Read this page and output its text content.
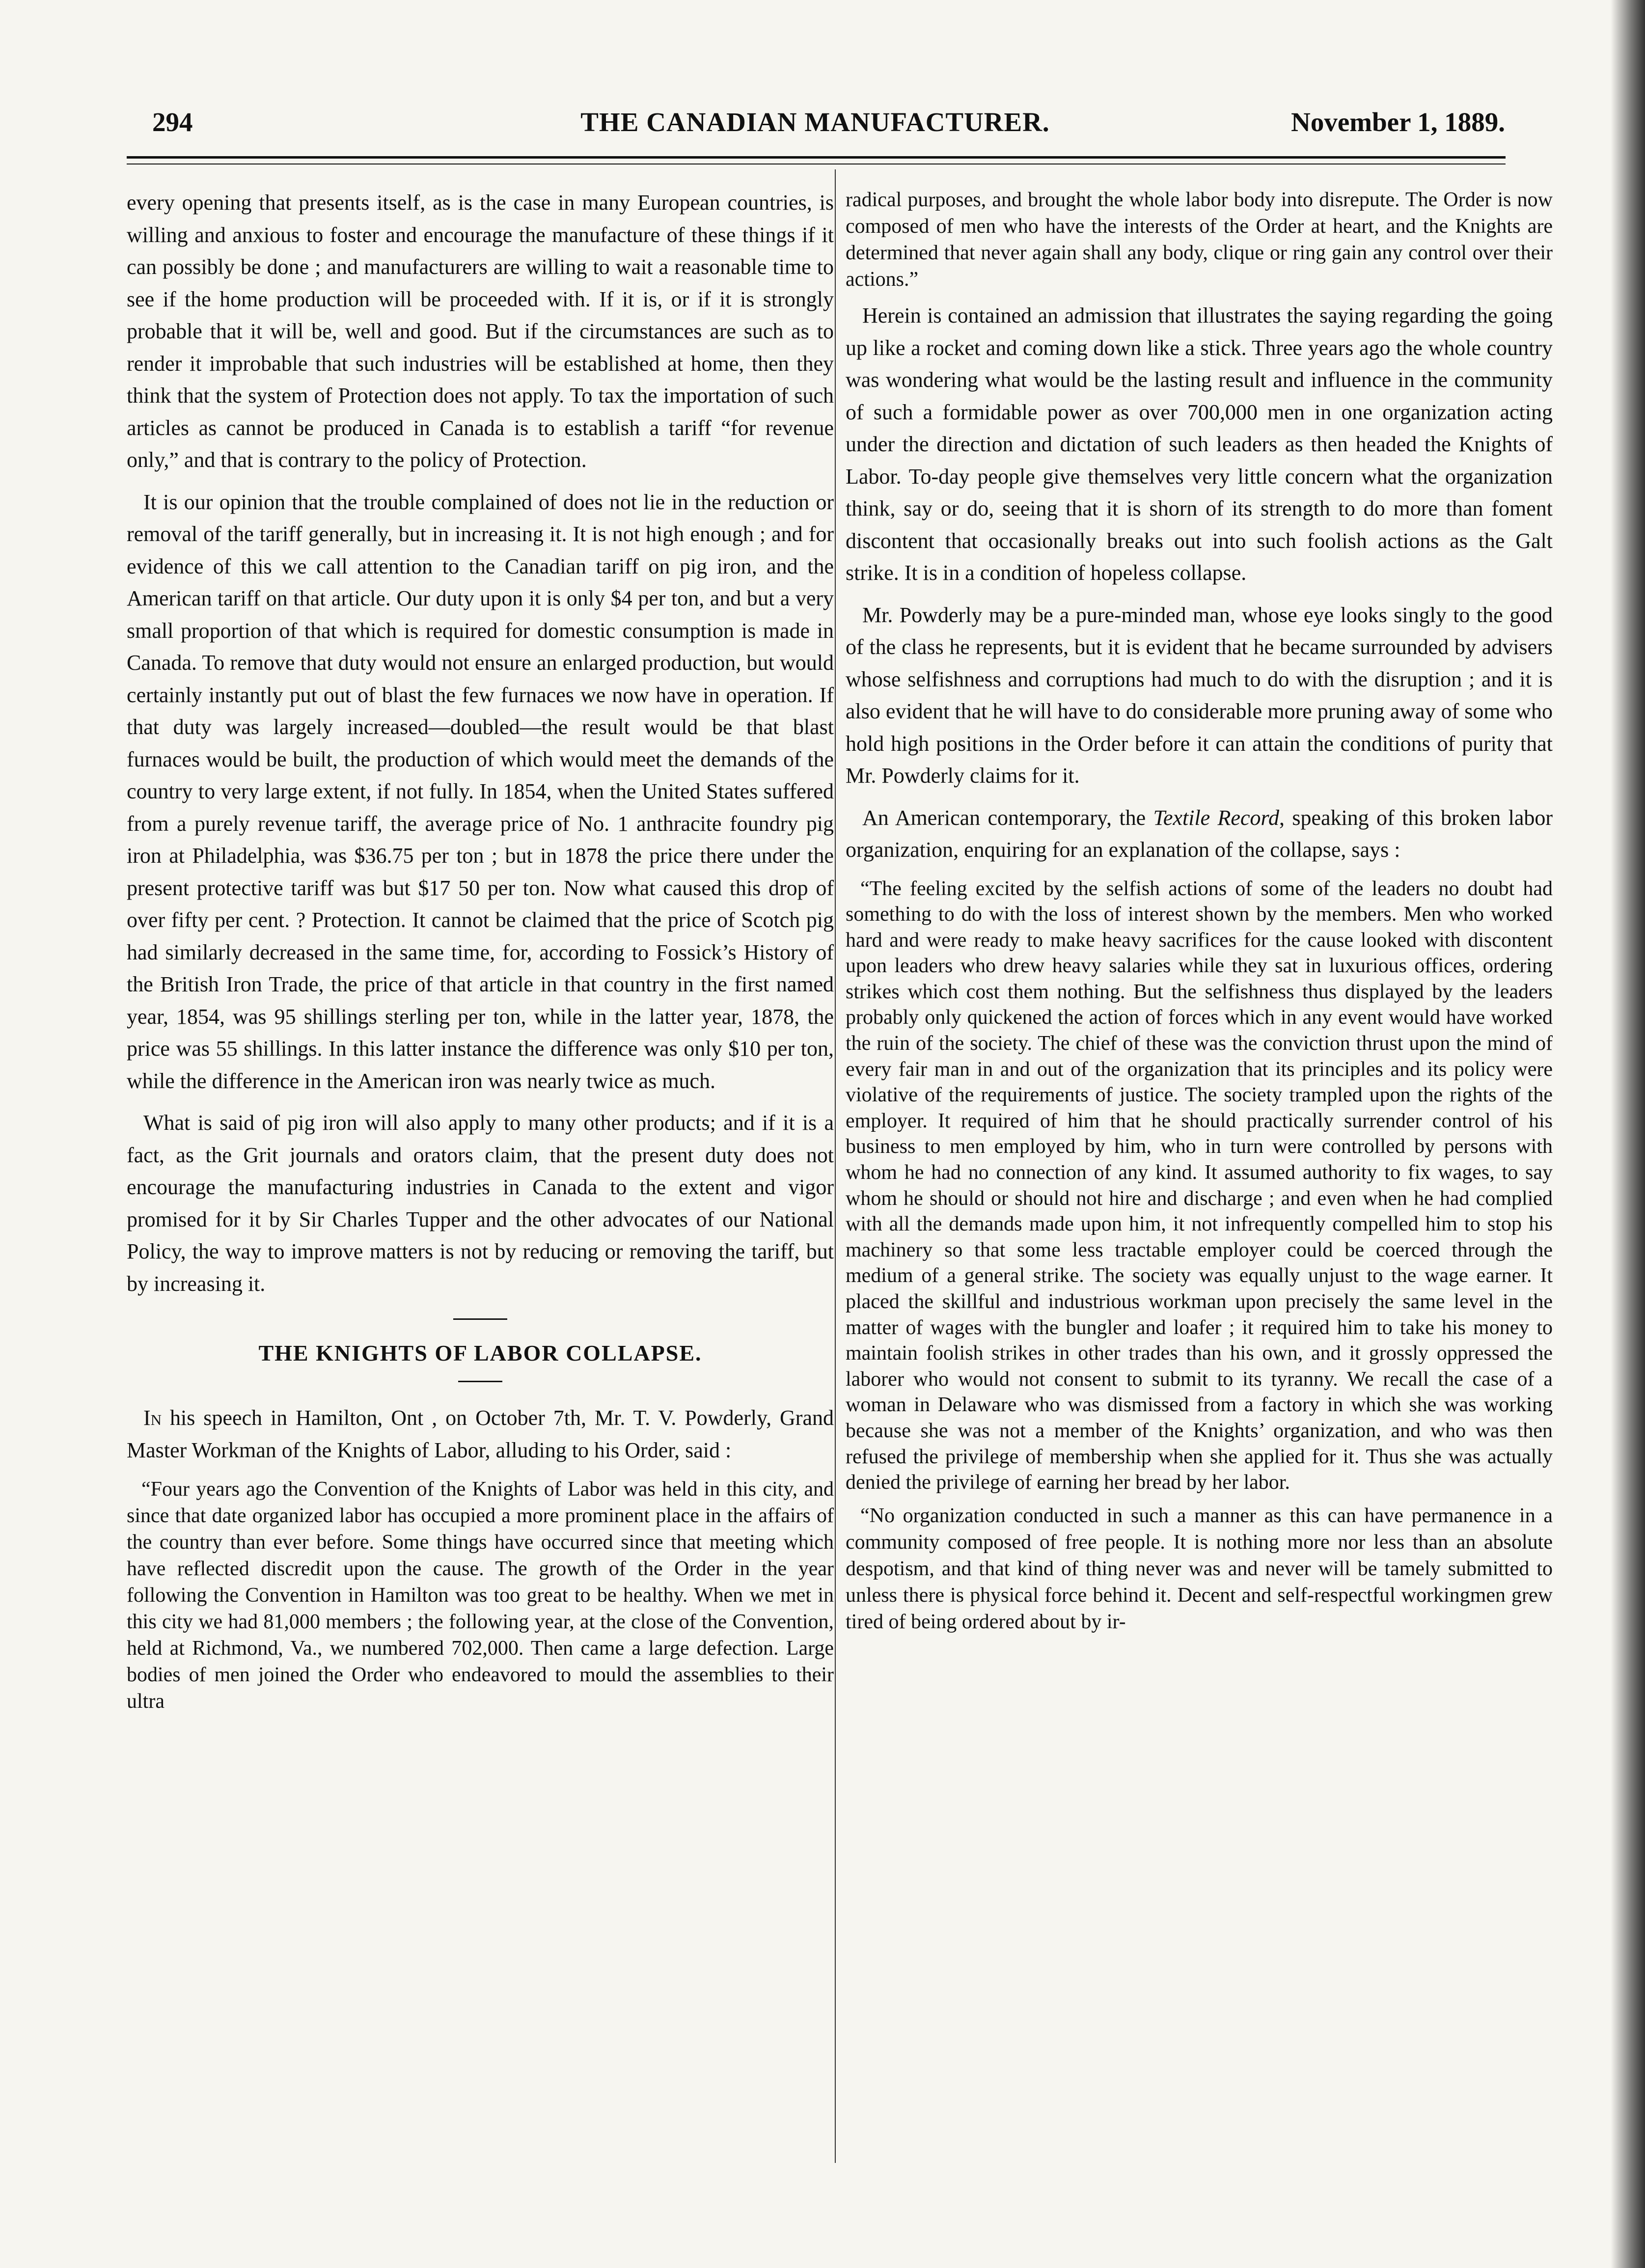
294	THE CANADIAN MANUFACTURER.	November 1, 1889.

every opening that presents itself, as is the case in many European countries, is willing and anxious to foster and encourage the manufacture of these things if it can possibly be done ; and manufacturers are willing to wait a reasonable time to see if the home production will be proceeded with. If it is, or if it is strongly probable that it will be, well and good. But if the circumstances are such as to render it improbable that such industries will be established at home, then they think that the system of Protection does not apply. To tax the importation of such articles as cannot be produced in Canada is to establish a tariff “for revenue only,” and that is contrary to the policy of Protection.

It is our opinion that the trouble complained of does not lie in the reduction or removal of the tariff generally, but in increasing it. It is not high enough ; and for evidence of this we call attention to the Canadian tariff on pig iron, and the American tariff on that article. Our duty upon it is only $4 per ton, and but a very small proportion of that which is required for domestic consumption is made in Canada. To remove that duty would not ensure an enlarged production, but would certainly instantly put out of blast the few furnaces we now have in operation. If that duty was largely increased—doubled—the result would be that blast furnaces would be built, the production of which would meet the demands of the country to very large extent, if not fully. In 1854, when the United States suffered from a purely revenue tariff, the average price of No. 1 anthracite foundry pig iron at Philadelphia, was $36.75 per ton ; but in 1878 the price there under the present protective tariff was but $17 50 per ton. Now what caused this drop of over fifty per cent. ? Protection. It cannot be claimed that the price of Scotch pig had similarly decreased in the same time, for, according to Fossick’s History of the British Iron Trade, the price of that article in that country in the first named year, 1854, was 95 shillings sterling per ton, while in the latter year, 1878, the price was 55 shillings. In this latter instance the difference was only $10 per ton, while the difference in the American iron was nearly twice as much.

What is said of pig iron will also apply to many other products; and if it is a fact, as the Grit journals and orators claim, that the present duty does not encourage the manufacturing industries in Canada to the extent and vigor promised for it by Sir Charles Tupper and the other advocates of our National Policy, the way to improve matters is not by reducing or removing the tariff, but by increasing it.

THE KNIGHTS OF LABOR COLLAPSE.

In his speech in Hamilton, Ont , on October 7th, Mr. T. V. Powderly, Grand Master Workman of the Knights of Labor, alluding to his Order, said :

“Four years ago the Convention of the Knights of Labor was held in this city, and since that date organized labor has occupied a more prominent place in the affairs of the country than ever before. Some things have occurred since that meeting which have reflected discredit upon the cause. The growth of the Order in the year following the Convention in Hamilton was too great to be healthy. When we met in this city we had 81,000 members ; the following year, at the close of the Convention, held at Richmond, Va., we numbered 702,000. Then came a large defection. Large bodies of men joined the Order who endeavored to mould the assemblies to their ultra

radical purposes, and brought the whole labor body into disrepute. The Order is now composed of men who have the interests of the Order at heart, and the Knights are determined that never again shall any body, clique or ring gain any control over their actions.”

Herein is contained an admission that illustrates the saying regarding the going up like a rocket and coming down like a stick. Three years ago the whole country was wondering what would be the lasting result and influence in the community of such a formidable power as over 700,000 men in one organization acting under the direction and dictation of such leaders as then headed the Knights of Labor. To-day people give themselves very little concern what the organization think, say or do, seeing that it is shorn of its strength to do more than foment discontent that occasionally breaks out into such foolish actions as the Galt strike. It is in a condition of hopeless collapse.

Mr. Powderly may be a pure-minded man, whose eye looks singly to the good of the class he represents, but it is evident that he became surrounded by advisers whose selfishness and corruptions had much to do with the disruption ; and it is also evident that he will have to do considerable more pruning away of some who hold high positions in the Order before it can attain the conditions of purity that Mr. Powderly claims for it.

An American contemporary, the Textile Record, speaking of this broken labor organization, enquiring for an explanation of the collapse, says :

“The feeling excited by the selfish actions of some of the leaders no doubt had something to do with the loss of interest shown by the members. Men who worked hard and were ready to make heavy sacrifices for the cause looked with discontent upon leaders who drew heavy salaries while they sat in luxurious offices, ordering strikes which cost them nothing. But the selfishness thus displayed by the leaders probably only quickened the action of forces which in any event would have worked the ruin of the society. The chief of these was the conviction thrust upon the mind of every fair man in and out of the organization that its principles and its policy were violative of the requirements of justice. The society trampled upon the rights of the employer. It required of him that he should practically surrender control of his business to men employed by him, who in turn were controlled by persons with whom he had no connection of any kind. It assumed authority to fix wages, to say whom he should or should not hire and discharge ; and even when he had complied with all the demands made upon him, it not infrequently compelled him to stop his machinery so that some less tractable employer could be coerced through the medium of a general strike. The society was equally unjust to the wage earner. It placed the skillful and industrious workman upon precisely the same level in the matter of wages with the bungler and loafer ; it required him to take his money to maintain foolish strikes in other trades than his own, and it grossly oppressed the laborer who would not consent to submit to its tyranny. We recall the case of a woman in Delaware who was dismissed from a factory in which she was working because she was not a member of the Knights’ organization, and who was then refused the privilege of membership when she applied for it. Thus she was actually denied the privilege of earning her bread by her labor.

“No organization conducted in such a manner as this can have permanence in a community composed of free people. It is nothing more nor less than an absolute despotism, and that kind of thing never was and never will be tamely submitted to unless there is physical force behind it. Decent and self-respectful workingmen grew tired of being ordered about by ir-
